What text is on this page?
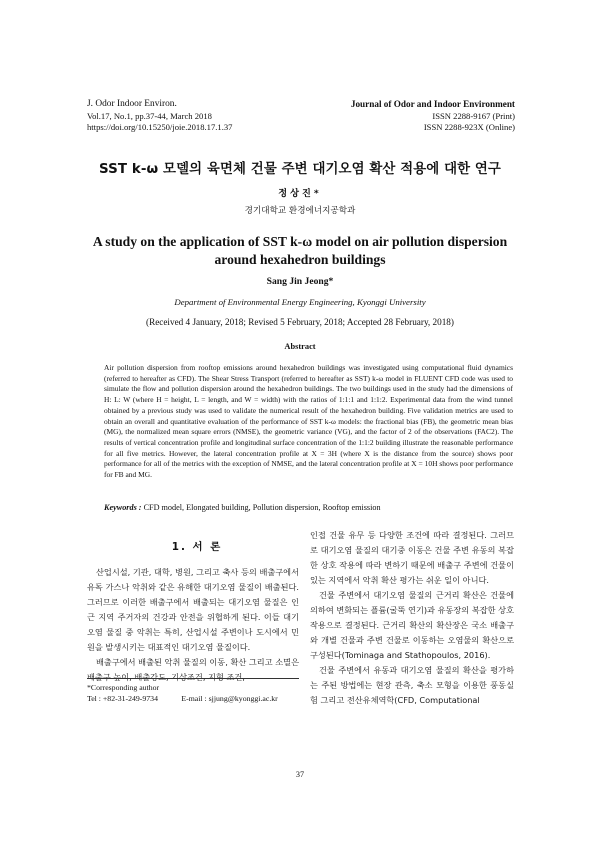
J. Odor Indoor Environ.
Vol.17, No.1, pp.37-44, March 2018
https://doi.org/10.15250/joie.2018.17.1.37
Journal of Odor and Indoor Environment
ISSN 2288-9167 (Print)
ISSN 2288-923X (Online)
SST k-ω 모델의 육면체 건물 주변 대기오염 확산 적용에 대한 연구
정상진*
경기대학교 환경에너지공학과
A study on the application of SST k-ω model on air pollution dispersion around hexahedron buildings
Sang Jin Jeong*
Department of Environmental Energy Engineering, Kyonggi University
(Received 4 January, 2018; Revised 5 February, 2018; Accepted 28 February, 2018)
Abstract
Air pollution dispersion from rooftop emissions around hexahedron buildings was investigated using computational fluid dynamics (referred to hereafter as CFD). The Shear Stress Transport (referred to hereafter as SST) k-ω model in FLUENT CFD code was used to simulate the flow and pollution dispersion around the hexahedron buildings. The two buildings used in the study had the dimensions of H: L: W (where H = height, L = length, and W = width) with the ratios of 1:1:1 and 1:1:2. Experimental data from the wind tunnel obtained by a previous study was used to validate the numerical result of the hexahedron building. Five validation metrics are used to obtain an overall and quantitative evaluation of the performance of SST k-ω models: the fractional bias (FB), the geometric mean bias (MG), the normalized mean square errors (NMSE), the geometric variance (VG), and the factor of 2 of the observations (FAC2). The results of vertical concentration profile and longitudinal surface concentration of the 1:1:2 building illustrate the reasonable performance for all five metrics. However, the lateral concentration profile at X = 3H (where X is the distance from the source) shows poor performance for all of the metrics with the exception of NMSE, and the lateral concentration profile at X = 10H shows poor performance for FB and MG.
Keywords : CFD model, Elongated building, Pollution dispersion, Rooftop emission
1. 서 론

산업시설, 기관, 대학, 병원, 그리고 축사 등의 배출구에서 유독 가스나 악취와 같은 유해한 대기오염 물질이 배출된다. 그러므로 이러한 배출구에서 배출되는 대기오염 물질은 인근 지역 주거자의 건강과 안전을 위협하게 된다. 이들 대기오염 물질 중 악취는 특히, 산업시설 주변이나 도시에서 민원을 발생시키는 대표적인 대기오염 물질이다.

배출구에서 배출된 악취 물질의 이동, 확산 그리고 소멸은 배출구 높이, 배출강도, 기상조건, 지형 조건,

인접 건물 유무 등 다양한 조건에 따라 결정된다. 그러므로 대기오염 물질의 대기중 이동은 건물 주변 유동의 복잡한 상호 작용에 따라 변하기 때문에 배출구 주변에 건물이 있는 지역에서 악취 확산 평가는 쉬운 일이 아니다.

건물 주변에서 대기오염 물질의 근거리 확산은 건물에 의하여 변화되는 플륨(굴뚝 연기)과 유동장의 복잡한 상호작용으로 결정된다. 근거리 확산의 확산장은 국소 배출구와 개별 건물과 주변 건물로 이동하는 오염물의 확산으로 구성된다(Tominaga and Stathopoulos, 2016).

건물 주변에서 유동과 대기오염 물질의 확산을 평가하는 주된 방법에는 현장 관측, 축소 모형을 이용한 풍동실험 그리고 전산유체역학(CFD, Computational

*Corresponding author
Tel : +82-31-249-9734            E-mail : sjjung@kyonggi.ac.kr
37
